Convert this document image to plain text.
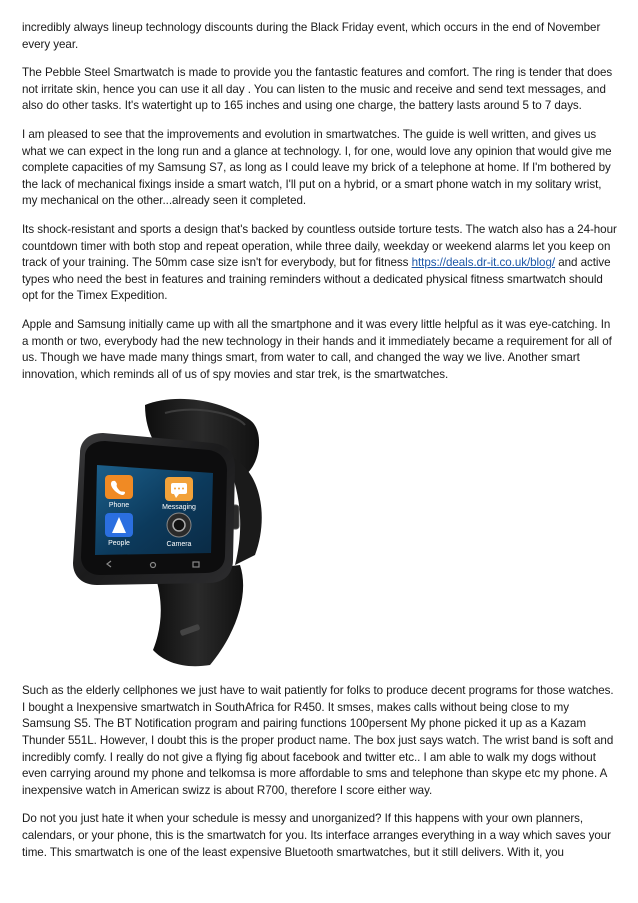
incredibly always lineup technology discounts during the Black Friday event, which occurs in the end of November every year.

The Pebble Steel Smartwatch is made to provide you the fantastic features and comfort. The ring is tender that does not irritate skin, hence you can use it all day . You can listen to the music and receive and send text messages, and also do other tasks. It's watertight up to 165 inches and using one charge, the battery lasts around 5 to 7 days.

I am pleased to see that the improvements and evolution in smartwatches. The guide is well written, and gives us what we can expect in the long run and a glance at technology. I, for one, would love any opinion that would give me complete capacities of my Samsung S7, as long as I could leave my brick of a telephone at home. If I'm bothered by the lack of mechanical fixings inside a smart watch, I'll put on a hybrid, or a smart phone watch in my solitary wrist, my mechanical on the other...already seen it completed.

Its shock-resistant and sports a design that's backed by countless outside torture tests. The watch also has a 24-hour countdown timer with both stop and repeat operation, while three daily, weekday or weekend alarms let you keep on track of your training. The 50mm case size isn't for everybody, but for fitness https://deals.dr-it.co.uk/blog/ and active types who need the best in features and training reminders without a dedicated physical fitness smartwatch should opt for the Timex Expedition.

Apple and Samsung initially came up with all the smartphone and it was every little helpful as it was eye-catching. In a month or two, everybody had the new technology in their hands and it immediately became a requirement for all of us. Though we have made many things smart, from water to call, and changed the way we live. Another smart innovation, which reminds all of us of spy movies and star trek, is the smartwatches.

Phone	Messaging
People	Camera

Such as the elderly cellphones we just have to wait patiently for folks to produce decent programs for those watches. I bought a Inexpensive smartwatch in SouthAfrica for R450. It smses, makes calls without being close to my Samsung S5. The BT Notification program and pairing functions 100persent My phone picked it up as a Kazam Thunder 551L. However, I doubt this is the proper product name. The box just says watch. The wrist band is soft and incredibly comfy. I really do not give a flying fig about facebook and twitter etc.. I am able to walk my dogs without even carrying around my phone and telkomsa is more affordable to sms and telephone than skype etc my phone. A inexpensive watch in American swizz is about R700, therefore I score either way.

Do not you just hate it when your schedule is messy and unorganized? If this happens with your own planners, calendars, or your phone, this is the smartwatch for you. Its interface arranges everything in a way which saves your time. This smartwatch is one of the least expensive Bluetooth smartwatches, but it still delivers. With it, you
